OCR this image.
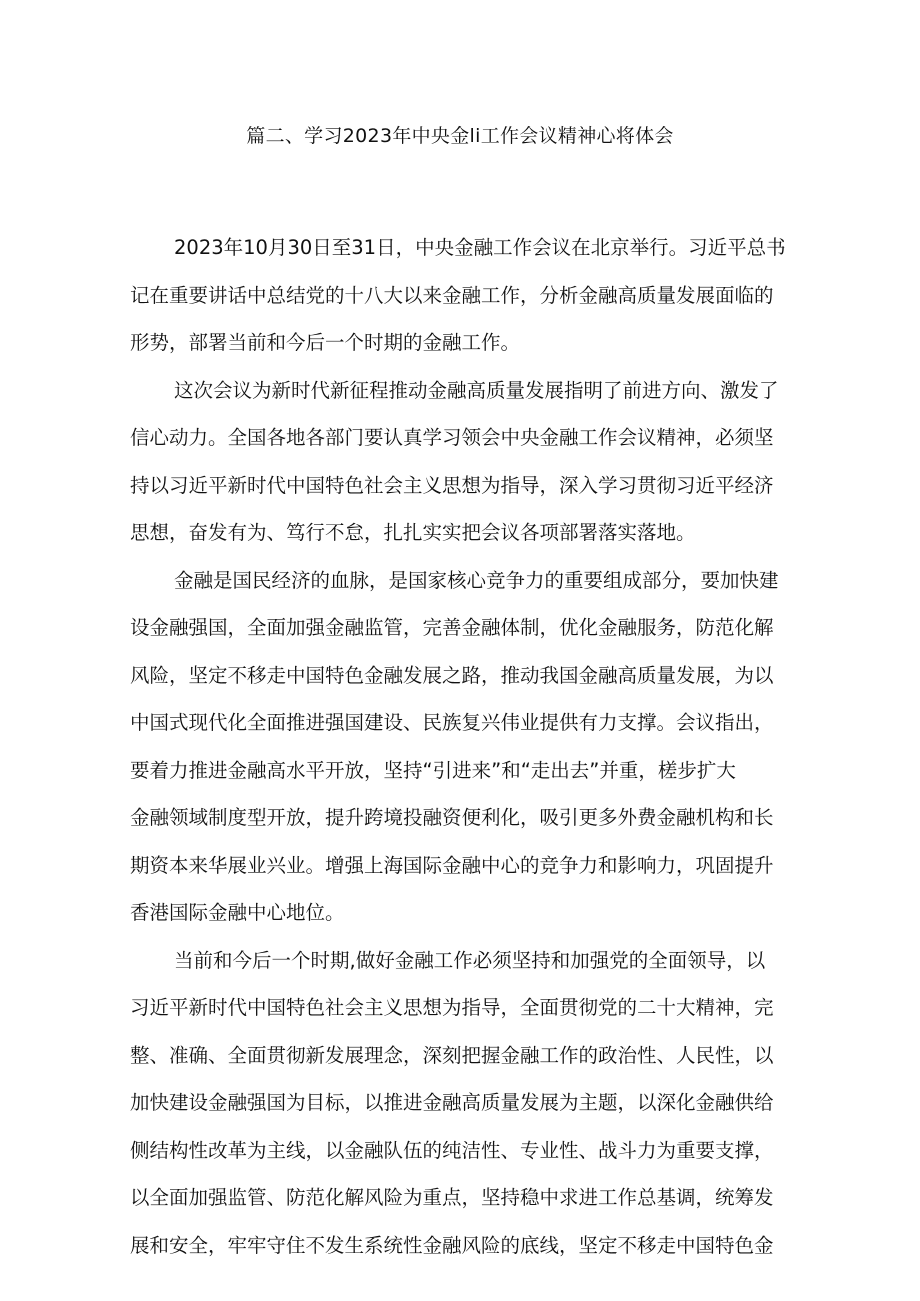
篇二、学习2023年中央金li工作会议精神心将体会
2023年10月30日至31日，中央金融工作会议在北京举行。习近平总书
记在重要讲话中总结党的十八大以来金融工作，分析金融高质量发展面临的
形势，部署当前和今后一个时期的金融工作。
这次会议为新时代新征程推动金融高质量发展指明了前进方向、激发了
信心动力。全国各地各部门要认真学习领会中央金融工作会议精神，必须坚
持以习近平新时代中国特色社会主义思想为指导，深入学习贯彻习近平经济
思想，奋发有为、笃行不怠，扎扎实实把会议各项部署落实落地。
金融是国民经济的血脉，是国家核心竞争力的重要组成部分，要加快建
设金融强国，全面加强金融监管，完善金融体制，优化金融服务，防范化解
风险，坚定不移走中国特色金融发展之路，推动我国金融高质量发展，为以
中国式现代化全面推进强国建设、民族复兴伟业提供有力支撑。会议指出，
要着力推进金融高水平开放，坚持“引进来”和“走出去”并重，槎步扩大
金融领域制度型开放，提升跨境投融资便利化，吸引更多外费金融机构和长
期资本来华展业兴业。增强上海国际金融中心的竞争力和影响力，巩固提升
香港国际金融中心地位。
当前和今后一个时期,做好金融工作必须坚持和加强党的全面领导，以
习近平新时代中国特色社会主义思想为指导，全面贯彻党的二十大精神，完
整、准确、全面贯彻新发展理念，深刻把握金融工作的政治性、人民性，以
加快建设金融强国为目标，以推进金融高质量发展为主题，以深化金融供给
侧结构性改革为主线，以金融队伍的纯洁性、专业性、战斗力为重要支撑，
以全面加强监管、防范化解风险为重点，坚持稳中求进工作总基调，统筹发
展和安全，牢牢守住不发生系统性金融风险的底线，坚定不移走中国特色金
